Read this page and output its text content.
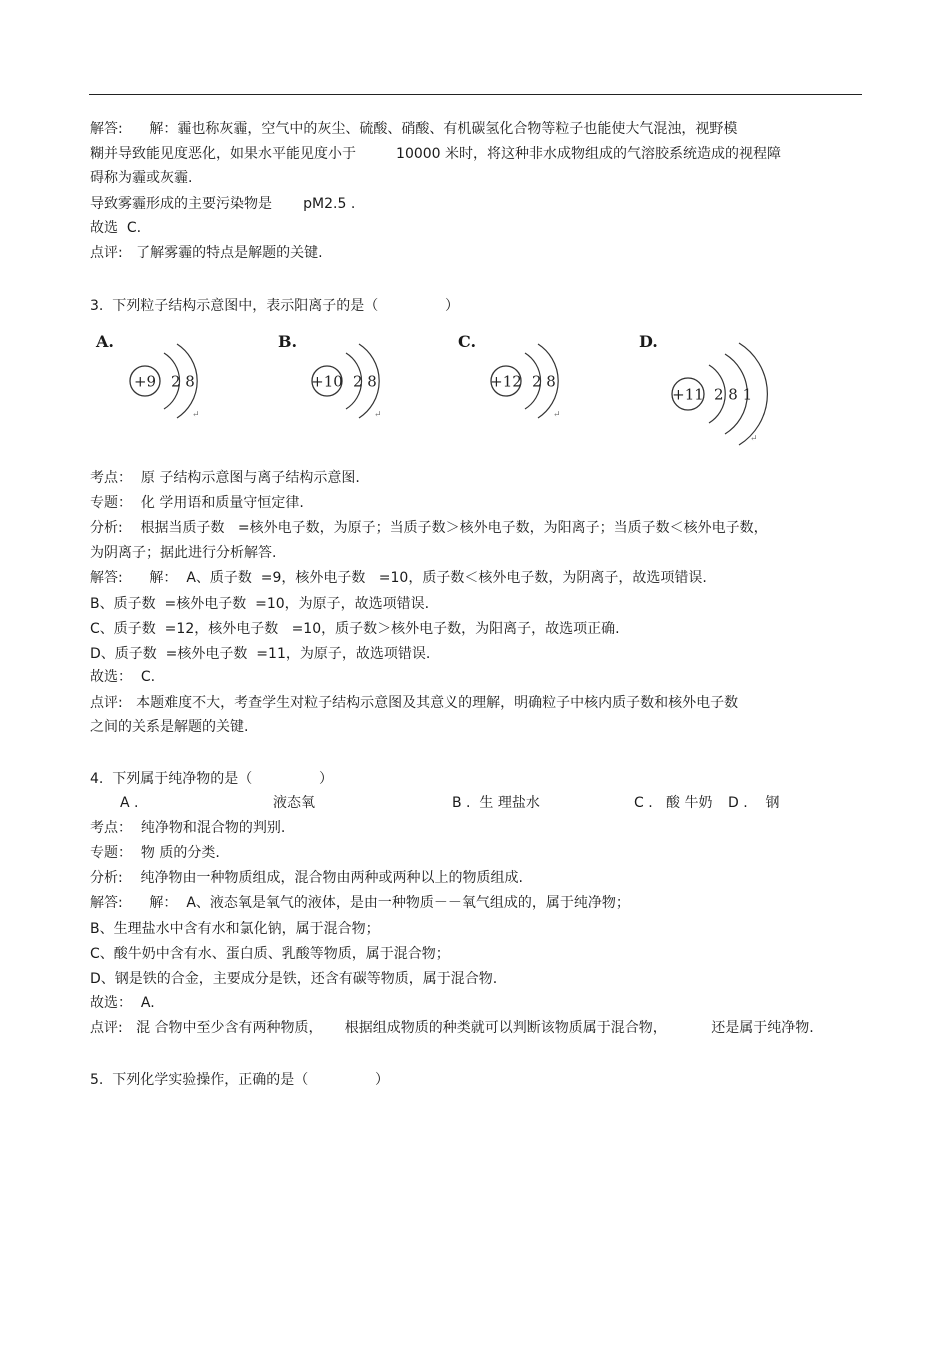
解答:      解：霾也称灰霾，空气中的灰尘、硫酸、硝酸、有机碳氢化合物等粒子也能使大气混浊，视野模
糊并导致能见度恶化，如果水平能见度小于         10000 米时，将这种非水成物组成的气溶胶系统造成的视程障
碍称为霾或灰霾.
导致雾霾形成的主要污染物是       pM2.5 .
故选  C.
点评:   了解雾霾的特点是解题的关键.
3.  下列粒子结构示意图中，表示阳离子的是（               ）
A.	B.	C.	D.
+9 2 8
↵
+10 2 8
↵
+12 2 8
↵
+11 2 8 1
↵
考点：  原 子结构示意图与离子结构示意图.
专题：  化 学用语和质量守恒定律.
分析:    根据当质子数   =核外电子数，为原子；当质子数＞核外电子数，为阳离子；当质子数＜核外电子数，
为阴离子；据此进行分析解答.
解答:      解：  A、质子数  =9，核外电子数   =10，质子数＜核外电子数，为阴离子，故选项错误.
B、质子数  =核外电子数  =10，为原子，故选项错误.
C、质子数  =12，核外电子数   =10，质子数＞核外电子数，为阳离子，故选项正确.
D、质子数  =核外电子数  =11，为原子，故选项错误.
故选：  C.
点评:   本题难度不大，考查学生对粒子结构示意图及其意义的理解，明确粒子中核内质子数和核外电子数
之间的关系是解题的关键.
4.  下列属于纯净物的是（               ）
A .	液态氧	B .  生 理盐水	C .   酸 牛奶 D .    钢
考点：  纯净物和混合物的判别.
专题：  物 质的分类.
分析:    纯净物由一种物质组成，混合物由两种或两种以上的物质组成.
解答:      解：  A、液态氧是氧气的液体，是由一种物质－－氧气组成的，属于纯净物；
B、生理盐水中含有水和氯化钠，属于混合物；
C、酸牛奶中含有水、蛋白质、乳酸等物质，属于混合物；
D、钢是铁的合金，主要成分是铁，还含有碳等物质，属于混合物.
故选：  A.
点评:   混 合物中至少含有两种物质，     根据组成物质的种类就可以判断该物质属于混合物，          还是属于纯净物.
5.  下列化学实验操作，正确的是（               ）
